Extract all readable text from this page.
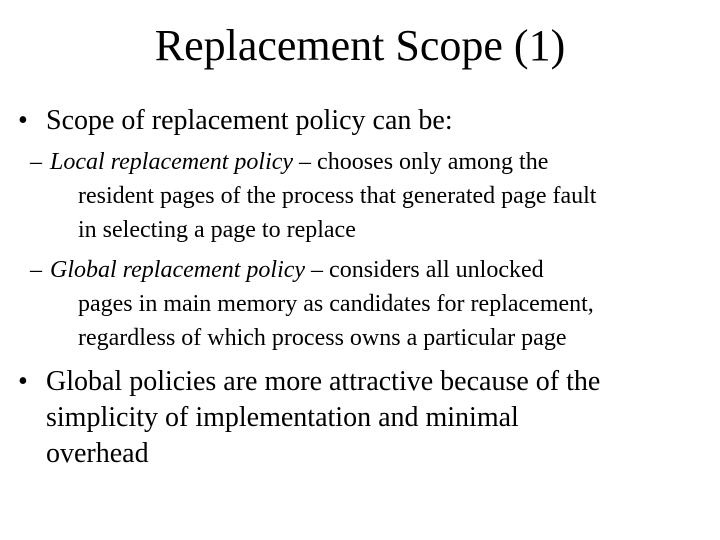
Replacement Scope (1)
• Scope of replacement policy can be:
– Local replacement policy – chooses only among the
resident pages of the process that generated page fault
in selecting a page to replace
– Global replacement policy – considers all unlocked
pages in main memory as candidates for replacement,
regardless of which process owns a particular page
• Global policies are more attractive because of the
simplicity of implementation and minimal
overhead
